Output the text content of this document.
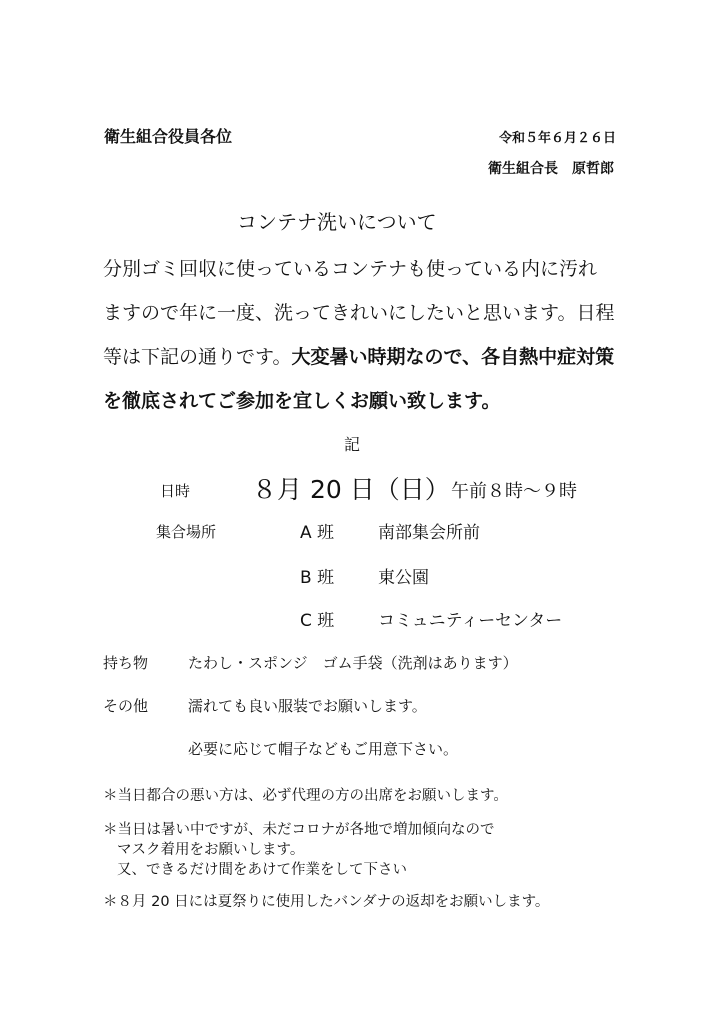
衛生組合役員各位	令和５年６月２６日
衛生組合長　原哲郎
コンテナ洗いについて
分別ゴミ回収に使っているコンテナも使っている内に汚れ
ますので年に一度、洗ってきれいにしたいと思います。日程
等は下記の通りです。大変暑い時期なので、各自熱中症対策
を徹底されてご参加を宜しくお願い致します。
記
日時 ８月 20 日（日） 午前８時～９時
集合場所	A 班	南部集会所前
B 班	東公園
C 班	コミュニティーセンター
持ち物	たわし・スポンジ　ゴム手袋（洗剤はあります）
その他	濡れても良い服装でお願いします。
必要に応じて帽子などもご用意下さい。
＊当日都合の悪い方は、必ず代理の方の出席をお願いします。
＊当日は暑い中ですが、未だコロナが各地で増加傾向なので
マスク着用をお願いします。
又、できるだけ間をあけて作業をして下さい
＊８月 20 日には夏祭りに使用したバンダナの返却をお願いします。
